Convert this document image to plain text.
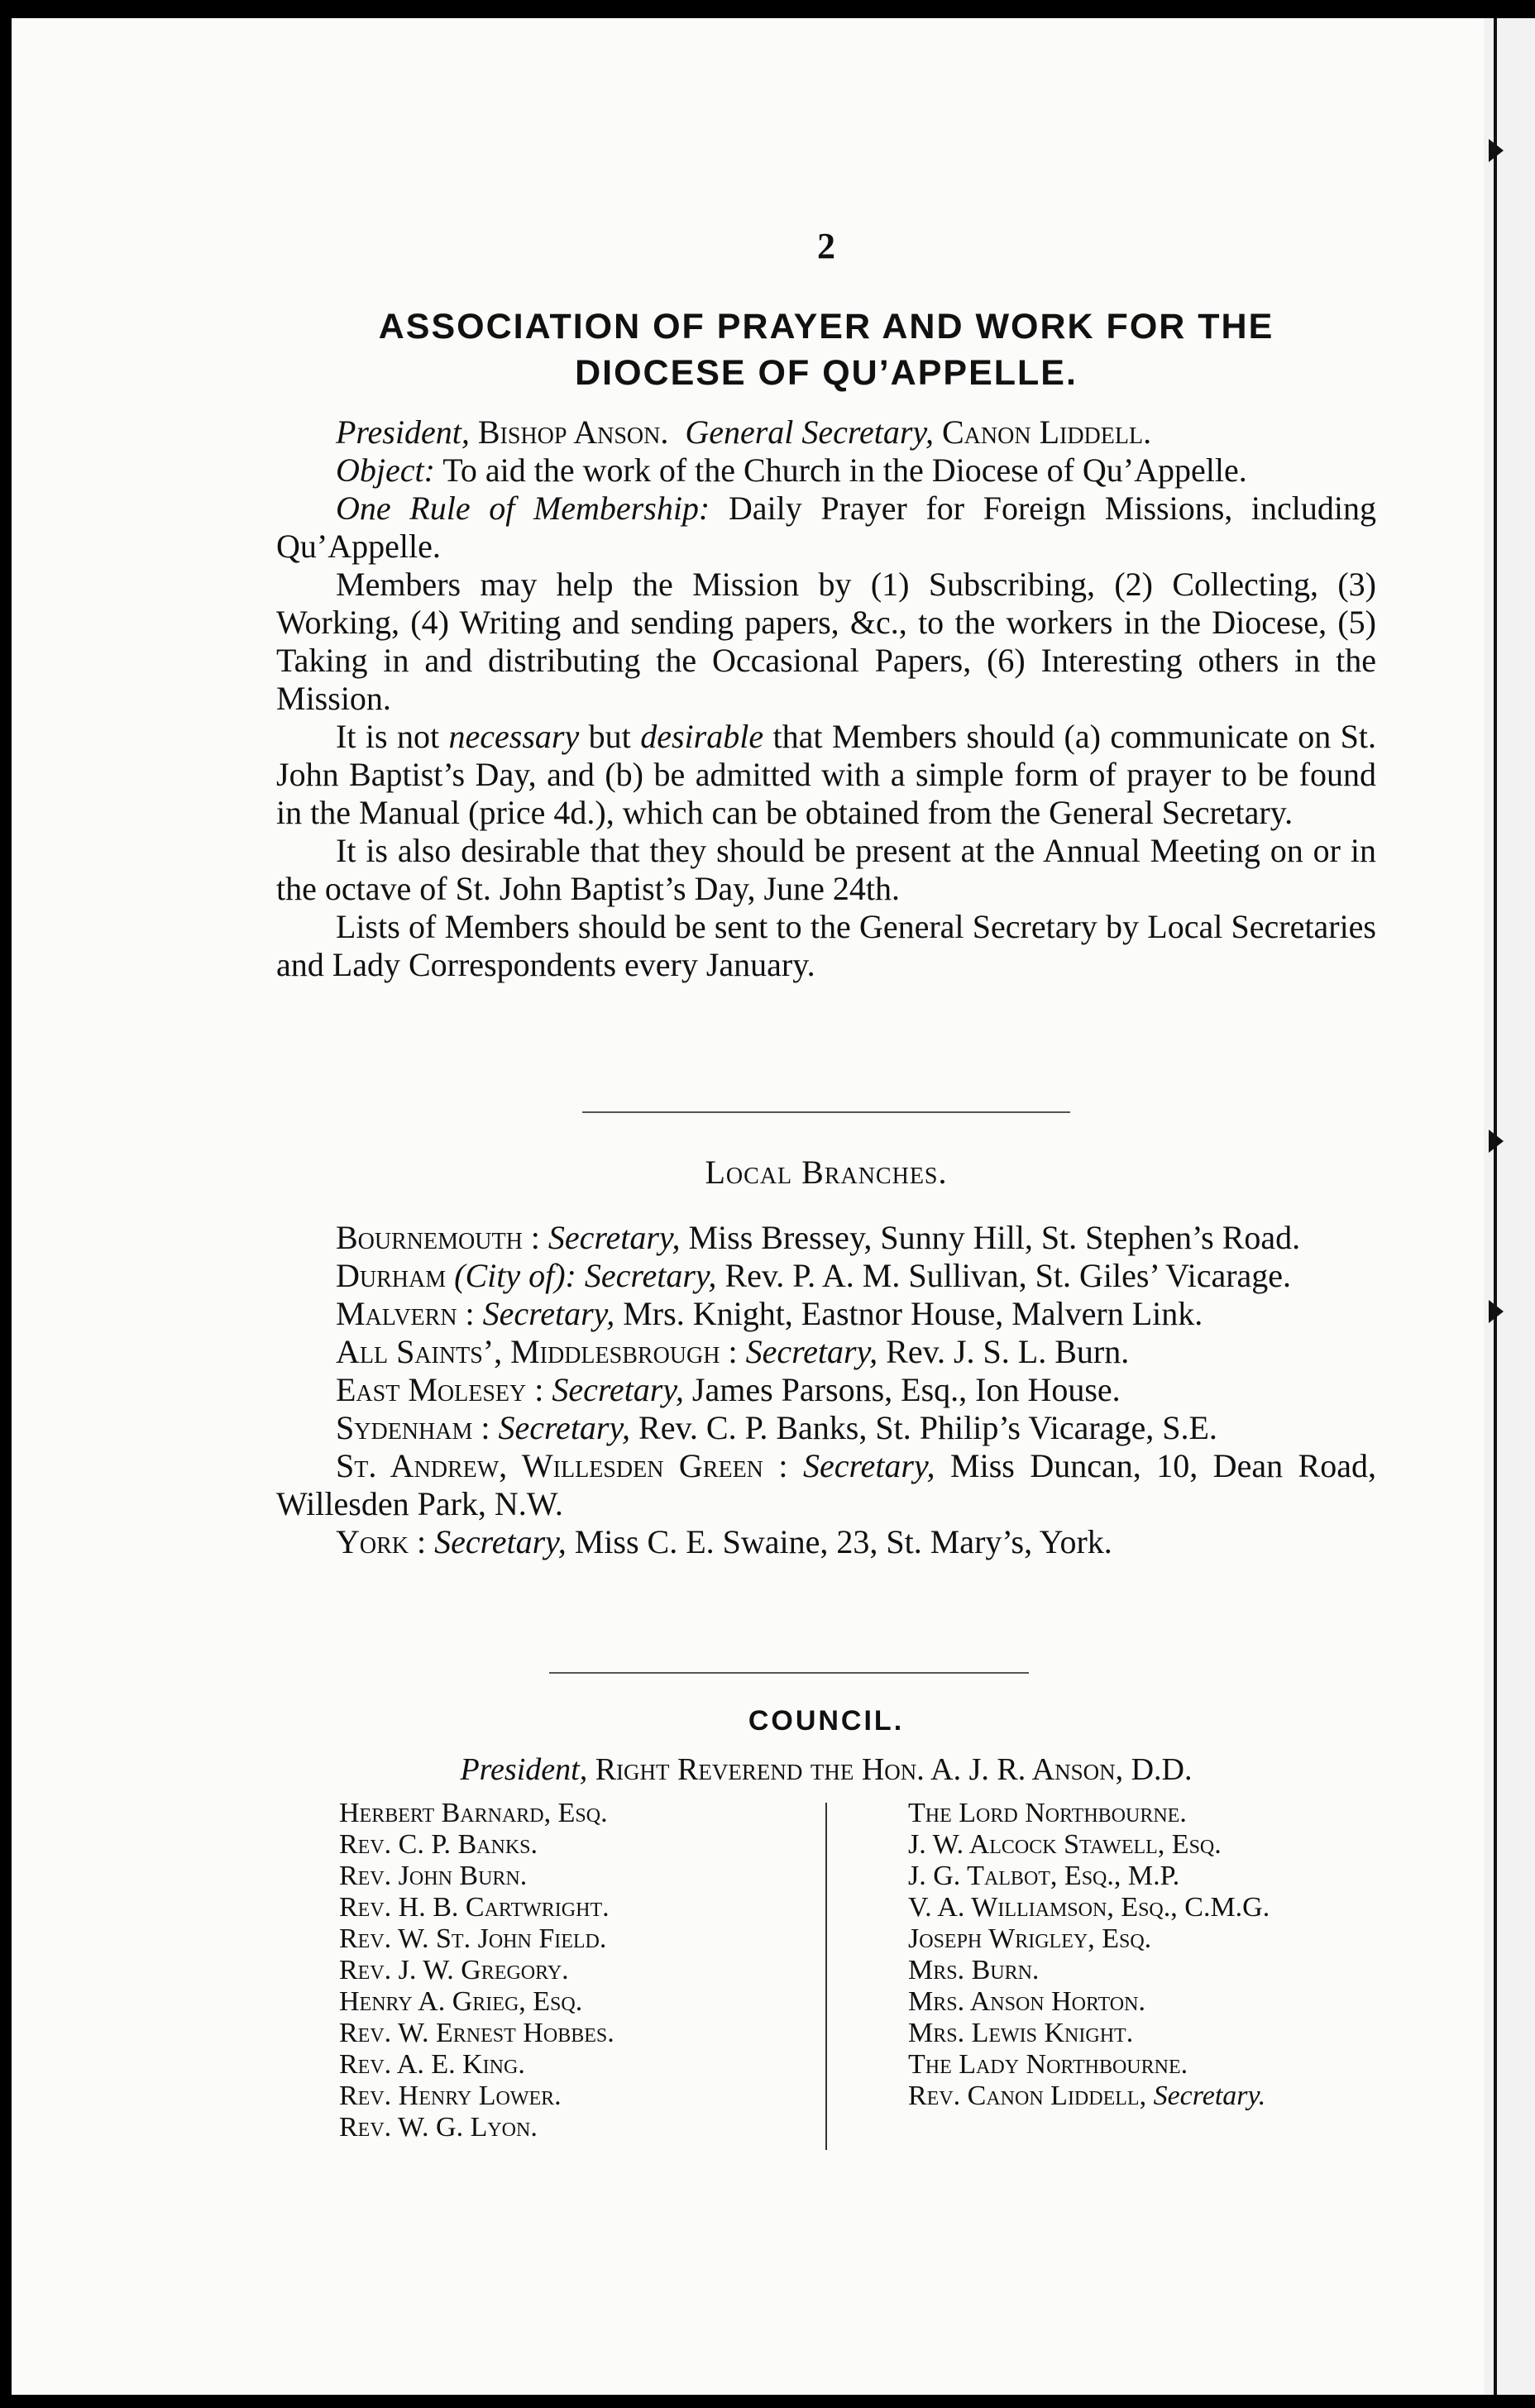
2
ASSOCIATION OF PRAYER AND WORK FOR THE
DIOCESE OF QU’APPELLE.

President, Bishop Anson. General Secretary, Canon Liddell.

Object: To aid the work of the Church in the Diocese of Qu’Appelle.

One Rule of Membership: Daily Prayer for Foreign Missions, including Qu’Appelle.

Members may help the Mission by (1) Subscribing, (2) Collecting, (3) Working, (4) Writing and sending papers, &c., to the workers in the Diocese, (5) Taking in and distributing the Occasional Papers, (6) Interesting others in the Mission.

It is not necessary but desirable that Members should (a) communicate on St. John Baptist’s Day, and (b) be admitted with a simple form of prayer to be found in the Manual (price 4d.), which can be obtained from the General Secretary.

It is also desirable that they should be present at the Annual Meeting on or in the octave of St. John Baptist’s Day, June 24th.

Lists of Members should be sent to the General Secretary by Local Secretaries and Lady Correspondents every January.

Local Branches.

Bournemouth : Secretary, Miss Bressey, Sunny Hill, St. Stephen’s Road.

Durham (City of): Secretary, Rev. P. A. M. Sullivan, St. Giles’ Vicarage.

Malvern : Secretary, Mrs. Knight, Eastnor House, Malvern Link.

All Saints’, Middlesbrough : Secretary, Rev. J. S. L. Burn.

East Molesey : Secretary, James Parsons, Esq., Ion House.

Sydenham : Secretary, Rev. C. P. Banks, St. Philip’s Vicarage, S.E.

St. Andrew, Willesden Green : Secretary, Miss Duncan, 10, Dean Road, Willesden Park, N.W.

York : Secretary, Miss C. E. Swaine, 23, St. Mary’s, York.

COUNCIL.
President, Right Reverend the Hon. A. J. R. Anson, D.D.
Herbert Barnard, Esq.
Rev. C. P. Banks.
Rev. John Burn.
Rev. H. B. Cartwright.
Rev. W. St. John Field.
Rev. J. W. Gregory.
Henry A. Grieg, Esq.
Rev. W. Ernest Hobbes.
Rev. A. E. King.
Rev. Henry Lower.
Rev. W. G. Lyon.
The Lord Northbourne.
J. W. Alcock Stawell, Esq.
J. G. Talbot, Esq., M.P.
V. A. Williamson, Esq., C.M.G.
Joseph Wrigley, Esq.
Mrs. Burn.
Mrs. Anson Horton.
Mrs. Lewis Knight.
The Lady Northbourne.
Rev. Canon Liddell, Secretary.
